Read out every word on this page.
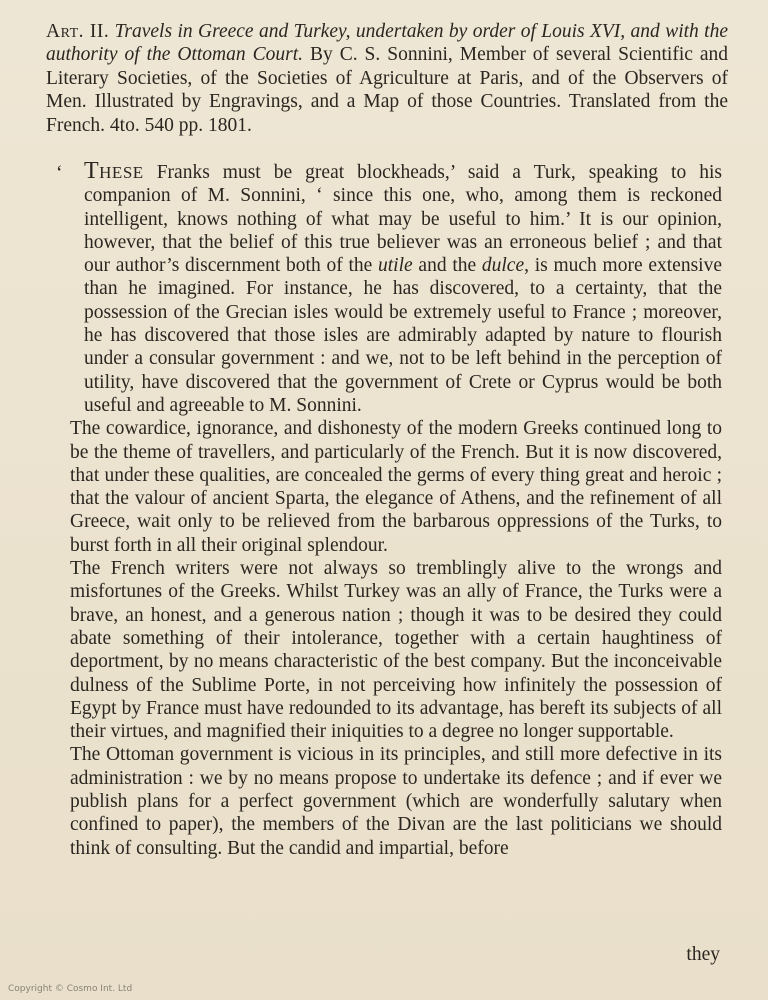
Art. II. Travels in Greece and Turkey, undertaken by order of Louis XVI, and with the authority of the Ottoman Court. By C. S. Sonnini, Member of several Scientific and Literary Societies, of the Societies of Agriculture at Paris, and of the Observers of Men. Illustrated by Engravings, and a Map of those Countries. Translated from the French. 4to. 540 pp. 1801.

‘ These Franks must be great blockheads,’ said a Turk, speaking to his companion of M. Sonnini, ‘ since this one, who, among them is reckoned intelligent, knows nothing of what may be useful to him.’ It is our opinion, however, that the belief of this true believer was an erroneous belief ; and that our author’s discernment both of the utile and the dulce, is much more extensive than he imagined. For instance, he has discovered, to a certainty, that the possession of the Grecian isles would be extremely useful to France ; moreover, he has discovered that those isles are admirably adapted by nature to flourish under a consular government : and we, not to be left behind in the perception of utility, have discovered that the government of Crete or Cyprus would be both useful and agreeable to M. Sonnini.

The cowardice, ignorance, and dishonesty of the modern Greeks continued long to be the theme of travellers, and particularly of the French. But it is now discovered, that under these qualities, are concealed the germs of every thing great and heroic ; that the valour of ancient Sparta, the elegance of Athens, and the refinement of all Greece, wait only to be relieved from the barbarous oppressions of the Turks, to burst forth in all their original splendour.

The French writers were not always so tremblingly alive to the wrongs and misfortunes of the Greeks. Whilst Turkey was an ally of France, the Turks were a brave, an honest, and a generous nation ; though it was to be desired they could abate something of their intolerance, together with a certain haughtiness of deportment, by no means characteristic of the best company. But the inconceivable dulness of the Sublime Porte, in not perceiving how infinitely the possession of Egypt by France must have redounded to its advantage, has bereft its subjects of all their virtues, and magnified their iniquities to a degree no longer supportable.

The Ottoman government is vicious in its principles, and still more defective in its administration : we by no means propose to undertake its defence ; and if ever we publish plans for a perfect government (which are wonderfully salutary when confined to paper), the members of the Divan are the last politicians we should think of consulting. But the candid and impartial, before

they
Copyright © Cosmo Int. Ltd
